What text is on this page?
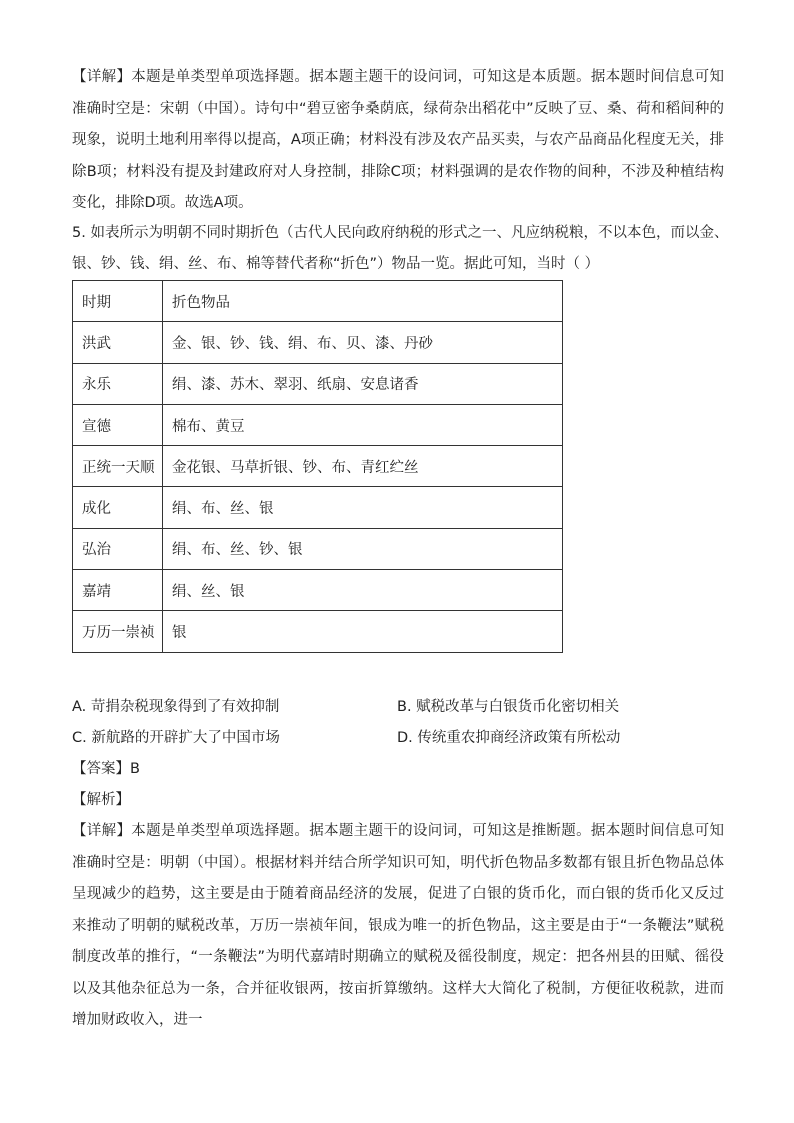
【详解】本题是单类型单项选择题。据本题主题干的设问词，可知这是本质题。据本题时间信息可知准确时空是：宋朝（中国）。诗句中“碧豆密争桑荫底，绿荷杂出稻花中”反映了豆、桑、荷和稻间种的现象，说明土地利用率得以提高，A项正确；材料没有涉及农产品买卖，与农产品商品化程度无关，排除B项；材料没有提及封建政府对人身控制，排除C项；材料强调的是农作物的间种，不涉及种植结构变化，排除D项。故选A项。

5. 如表所示为明朝不同时期折色（古代人民向政府纳税的形式之一、凡应纳税粮，不以本色，而以金、

银、钞、钱、绢、丝、布、棉等替代者称“折色”）物品一览。据此可知，当时（ ）

时期	折色物品
洪武	金、银、钞、钱、绢、布、贝、漆、丹砂
永乐	绢、漆、苏木、翠羽、纸扇、安息诸香
宣德	棉布、黄豆
正统一天顺	金花银、马草折银、钞、布、青红纻丝
成化	绢、布、丝、银
弘治	绢、布、丝、钞、银
嘉靖	绢、丝、银
万历一崇祯	银
A. 苛捐杂税现象得到了有效抑制	B. 赋税改革与白银货币化密切相关
C. 新航路的开辟扩大了中国市场	D. 传统重农抑商经济政策有所松动

【答案】B

【解析】

【详解】本题是单类型单项选择题。据本题主题干的设问词，可知这是推断题。据本题时间信息可知准确时空是：明朝（中国）。根据材料并结合所学知识可知，明代折色物品多数都有银且折色物品总体呈现减少的趋势，这主要是由于随着商品经济的发展，促进了白银的货币化，而白银的货币化又反过来推动了明朝的赋税改革，万历一崇祯年间，银成为唯一的折色物品，这主要是由于“一条鞭法”赋税制度改革的推行，“一条鞭法”为明代嘉靖时期确立的赋税及徭役制度，规定：把各州县的田赋、徭役以及其他杂征总为一条，合并征收银两，按亩折算缴纳。这样大大简化了税制，方便征收税款，进而增加财政收入，进一
